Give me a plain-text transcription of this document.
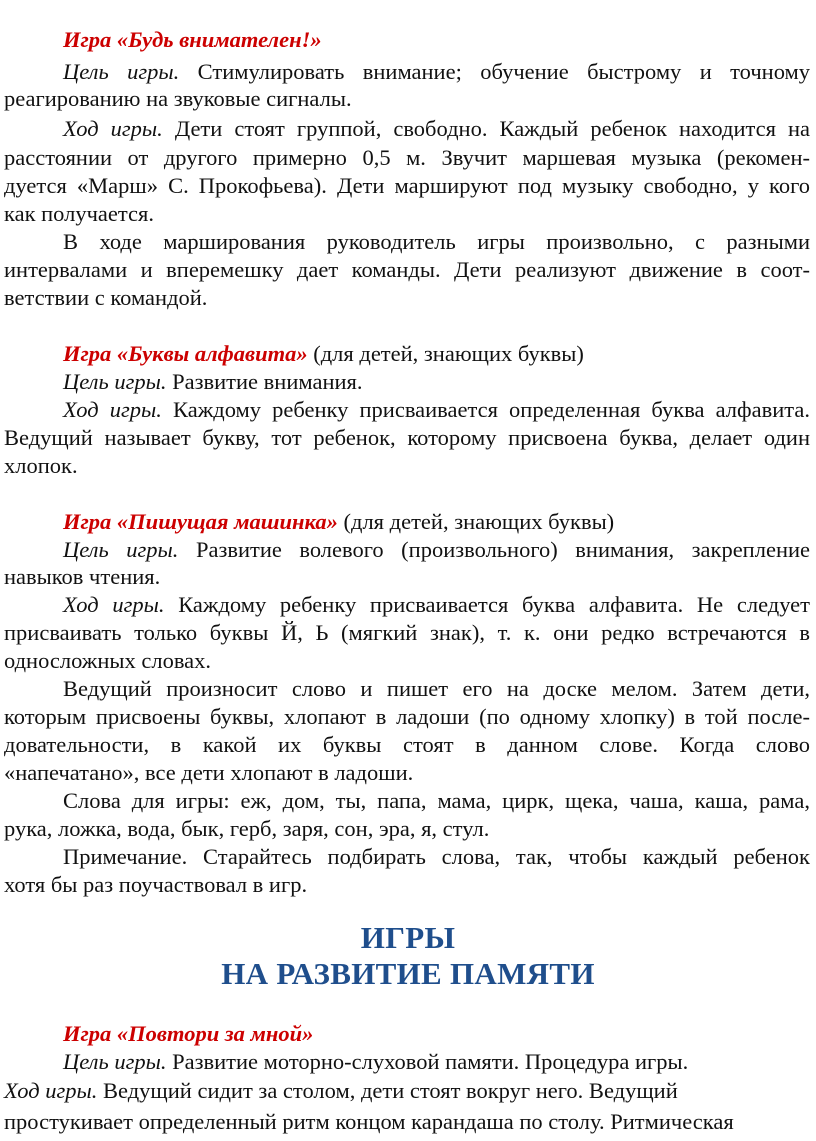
Игра «Будь внимателен!»
Цель игры. Стимулировать внимание; обучение быстрому и точному
реагированию на звуковые сигналы.
Ход игры. Дети стоят группой, свободно. Каждый ребенок находится на
расстоянии от другого примерно 0,5 м. Звучит маршевая музыка (рекомен-
дуется «Марш» С. Прокофьева). Дети маршируют под музыку свободно, у кого
как получается.
В ходе марширования руководитель игры произвольно, с разными
интервалами и вперемешку дает команды. Дети реализуют движение в соот-
ветствии с командой.
Игра «Буквы алфавита» (для детей, знающих буквы)
Цель игры. Развитие внимания.
Ход игры. Каждому ребенку присваивается определенная буква алфавита.
Ведущий называет букву, тот ребенок, которому присвоена буква, делает один
хлопок.
Игра «Пишущая машинка» (для детей, знающих буквы)
Цель игры. Развитие волевого (произвольного) внимания, закрепление
навыков чтения.
Ход игры. Каждому ребенку присваивается буква алфавита. Не следует
присваивать только буквы Й, Ь (мягкий знак), т. к. они редко встречаются в
односложных словах.
Ведущий произносит слово и пишет его на доске мелом. Затем дети,
которым присвоены буквы, хлопают в ладоши (по одному хлопку) в той после-
довательности, в какой их буквы стоят в данном слове. Когда слово
«напечатано», все дети хлопают в ладоши.
Слова для игры: еж, дом, ты, папа, мама, цирк, щека, чаша, каша, рама,
рука, ложка, вода, бык, герб, заря, сон, эра, я, стул.
Примечание. Старайтесь подбирать слова, так, чтобы каждый ребенок
хотя бы раз поучаствовал в игр.
ИГРЫ
НА РАЗВИТИЕ ПАМЯТИ
Игра «Повтори за мной»
Цель игры. Развитие моторно-слуховой памяти. Процедура игры.
Ход игры. Ведущий сидит за столом, дети стоят вокруг него. Ведущий
простукивает определенный ритм концом карандаша по столу. Ритмическая
